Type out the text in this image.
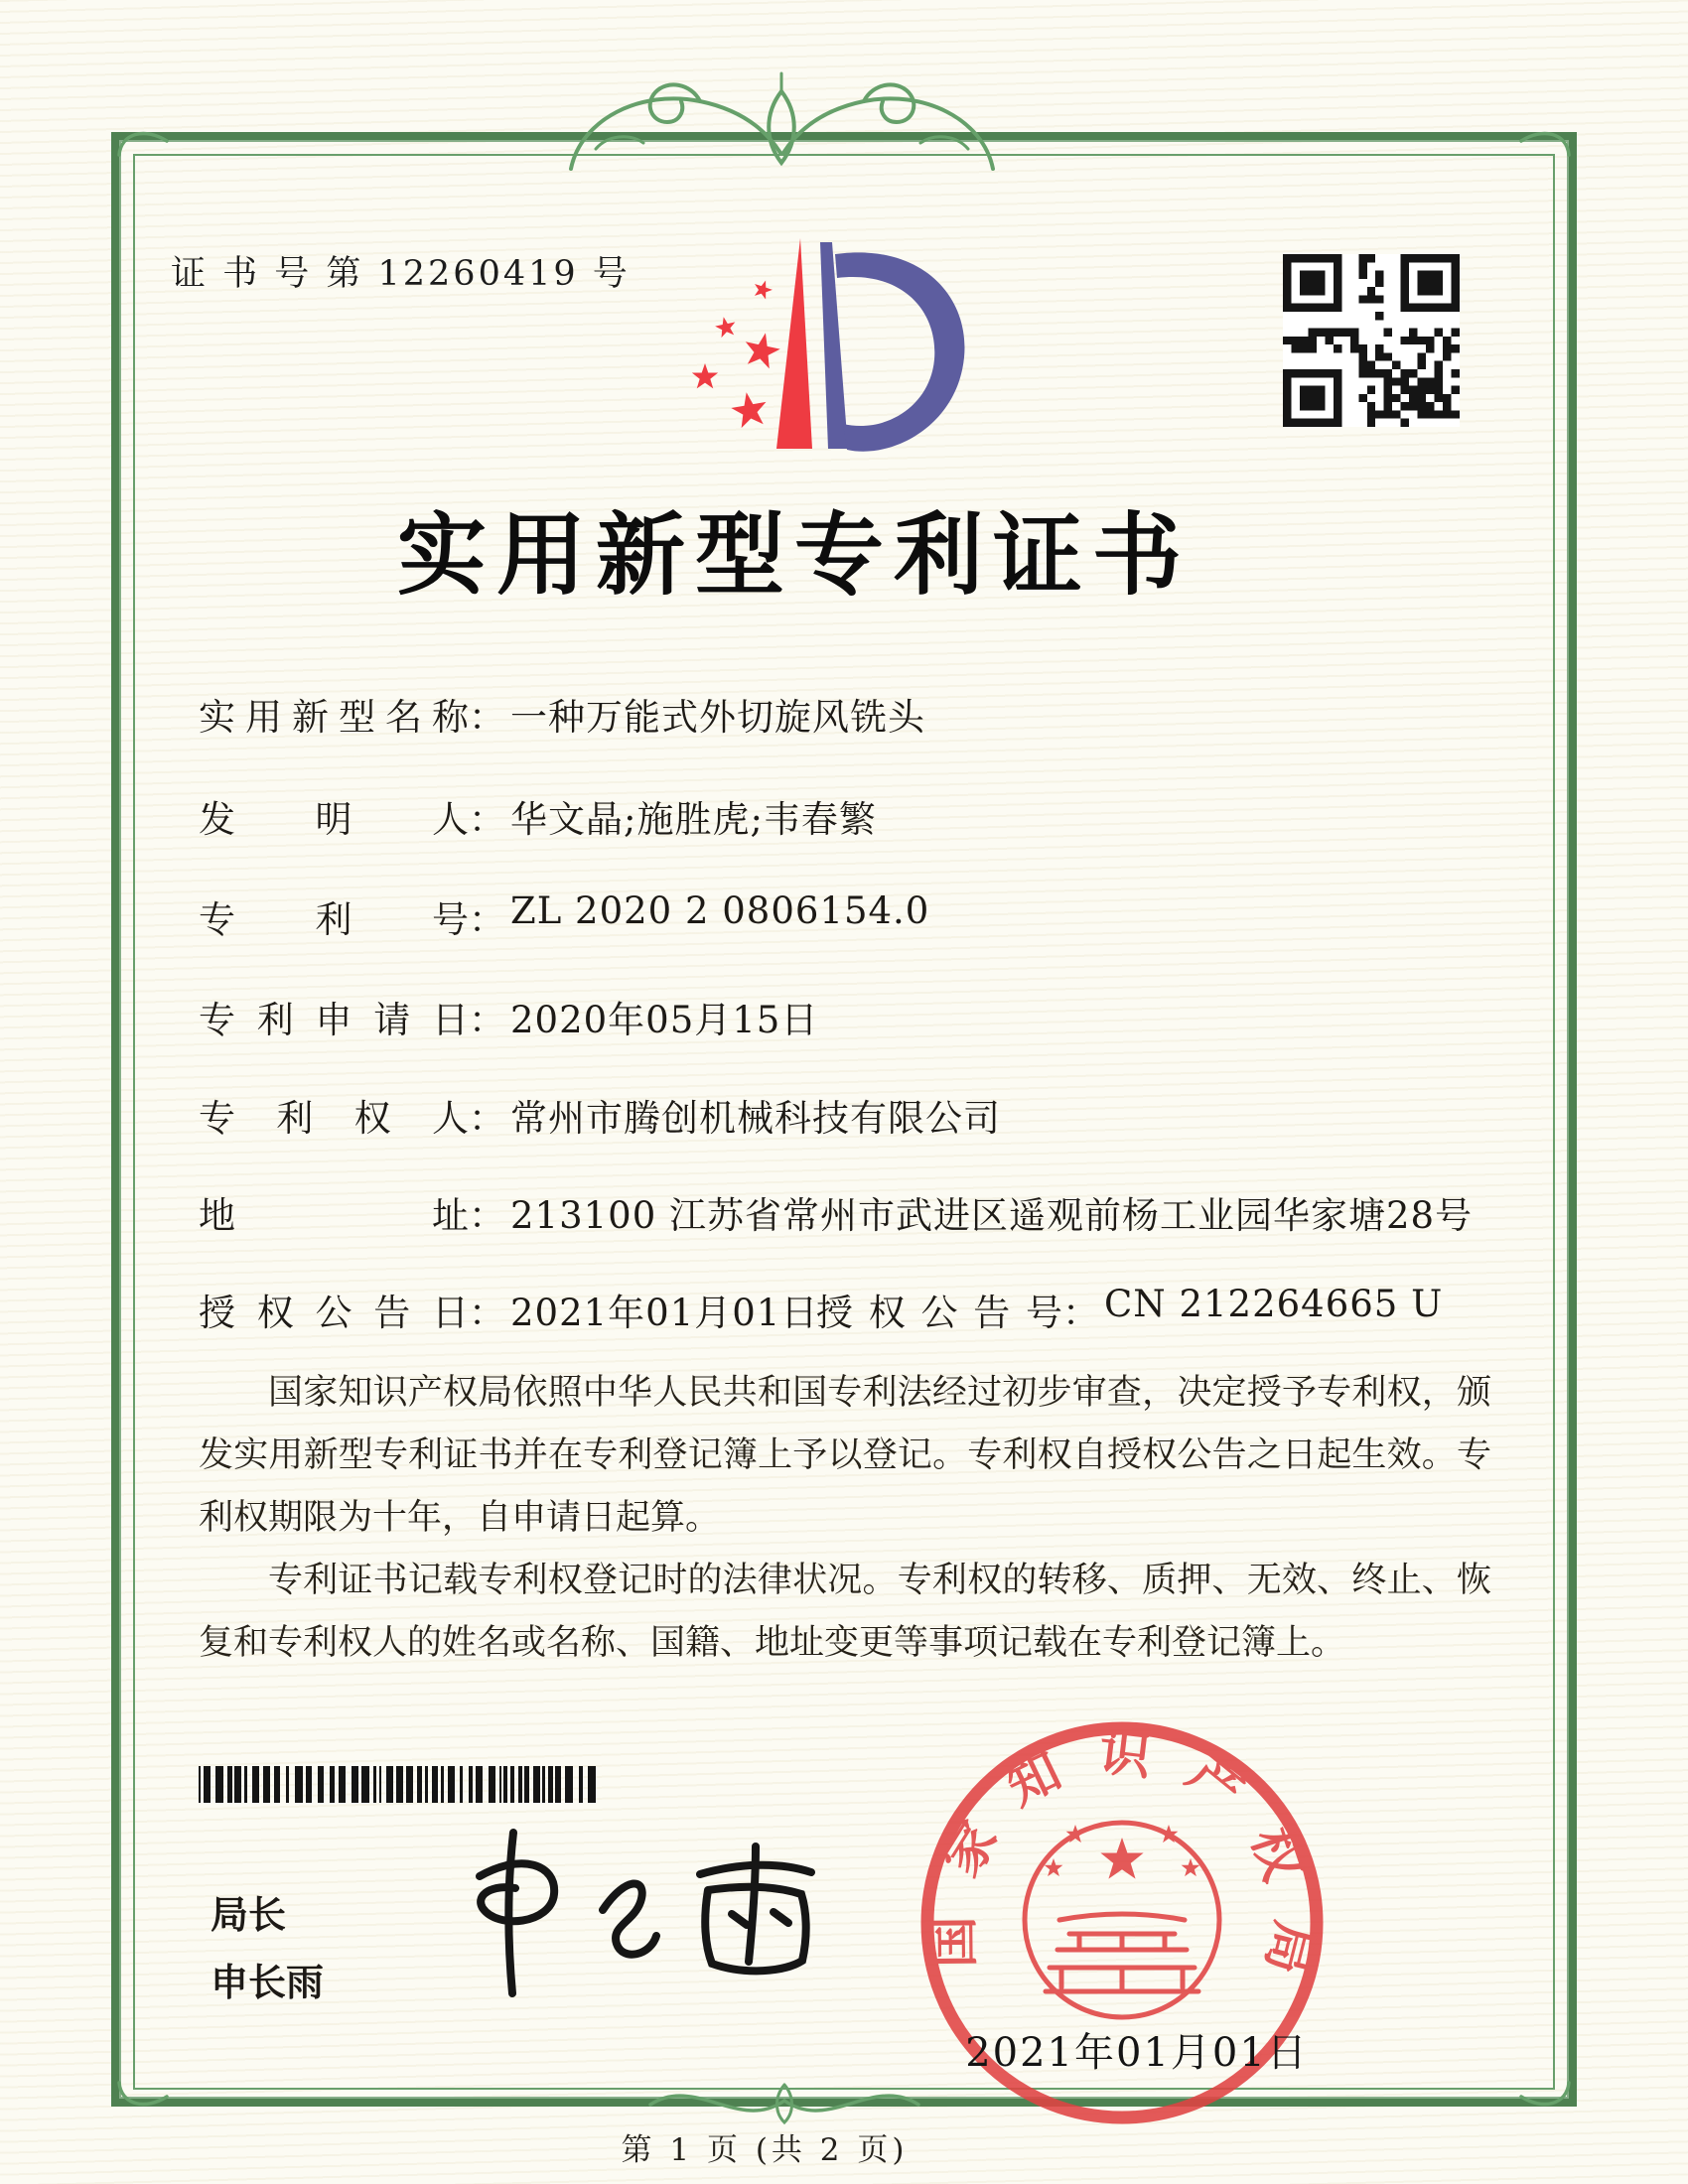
证 书 号 第 12260419 号
实用新型专利证书
实用新型名称： 一种万能式外切旋风铣头
发明人： 华文晶;施胜虎;韦春繁
专利号： ZL 2020 2 0806154.0
专利申请日： 2020年05月15日
专利权人： 常州市腾创机械科技有限公司
地址： 213100 江苏省常州市武进区遥观前杨工业园华家塘28号
授权公告日： 2021年01月01日
授权公告号： CN 212264665 U

国家知识产权局依照中华人民共和国专利法经过初步审查，决定授予专利权，颁发实用新型专利证书并在专利登记簿上予以登记。专利权自授权公告之日起生效。专利权期限为十年，自申请日起算。

专利证书记载专利权登记时的法律状况。专利权的转移、质押、无效、终止、恢复和专利权人的姓名或名称、国籍、地址变更等事项记载在专利登记簿上。

局长
申长雨
国家知识产权局
2021年01月01日
第 1 页 (共 2 页)
